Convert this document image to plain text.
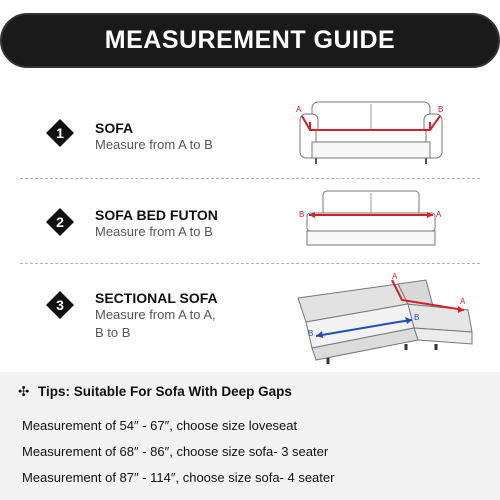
MEASUREMENT GUIDE
1 SOFA
Measure from A to B
A	B
2 SOFA BED FUTON
Measure from A to B
B	A
3 SECTIONAL SOFA
Measure from A to A,
B to B
A
A
B
B
✣ Tips: Suitable For Sofa With Deep Gaps
Measurement of 54″ - 67″, choose size loveseat
Measurement of 68″ - 86″, choose size sofa- 3 seater
Measurement of 87″ - 114″, choose size sofa- 4 seater
